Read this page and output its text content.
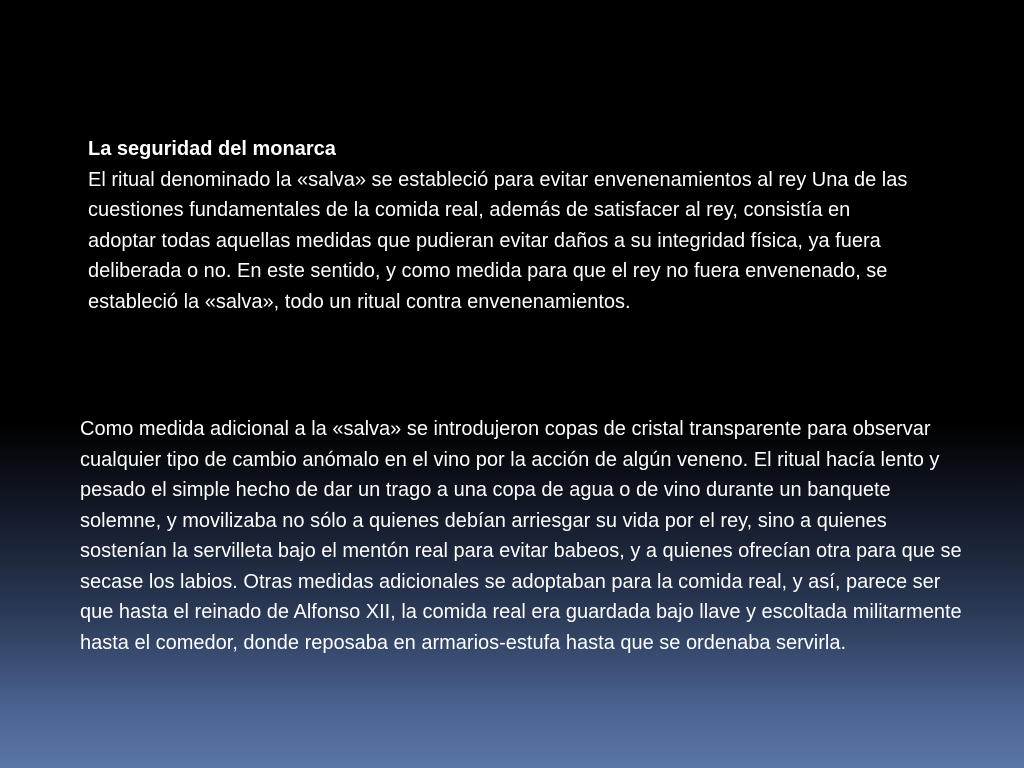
La seguridad del monarca
El ritual denominado la «salva» se estableció para evitar envenenamientos al rey Una de las cuestiones fundamentales de la comida real, además de satisfacer al rey, consistía en adoptar todas aquellas medidas que pudieran evitar daños a su integridad física, ya fuera deliberada o no. En este sentido, y como medida para que el rey no fuera envenenado, se estableció la «salva», todo un ritual contra envenenamientos.
Como medida adicional a la «salva» se introdujeron copas de cristal transparente para observar cualquier tipo de cambio anómalo en el vino por la acción de algún veneno. El ritual hacía lento y pesado el simple hecho de dar un trago a una copa de agua o de vino durante un banquete solemne, y movilizaba no sólo a quienes debían arriesgar su vida por el rey, sino a quienes sostenían la servilleta bajo el mentón real para evitar babeos, y a quienes ofrecían otra para que se secase los labios. Otras medidas adicionales se adoptaban para la comida real, y así, parece ser que hasta el reinado de Alfonso XII, la comida real era guardada bajo llave y escoltada militarmente hasta el comedor, donde reposaba en armarios-estufa hasta que se ordenaba servirla.
